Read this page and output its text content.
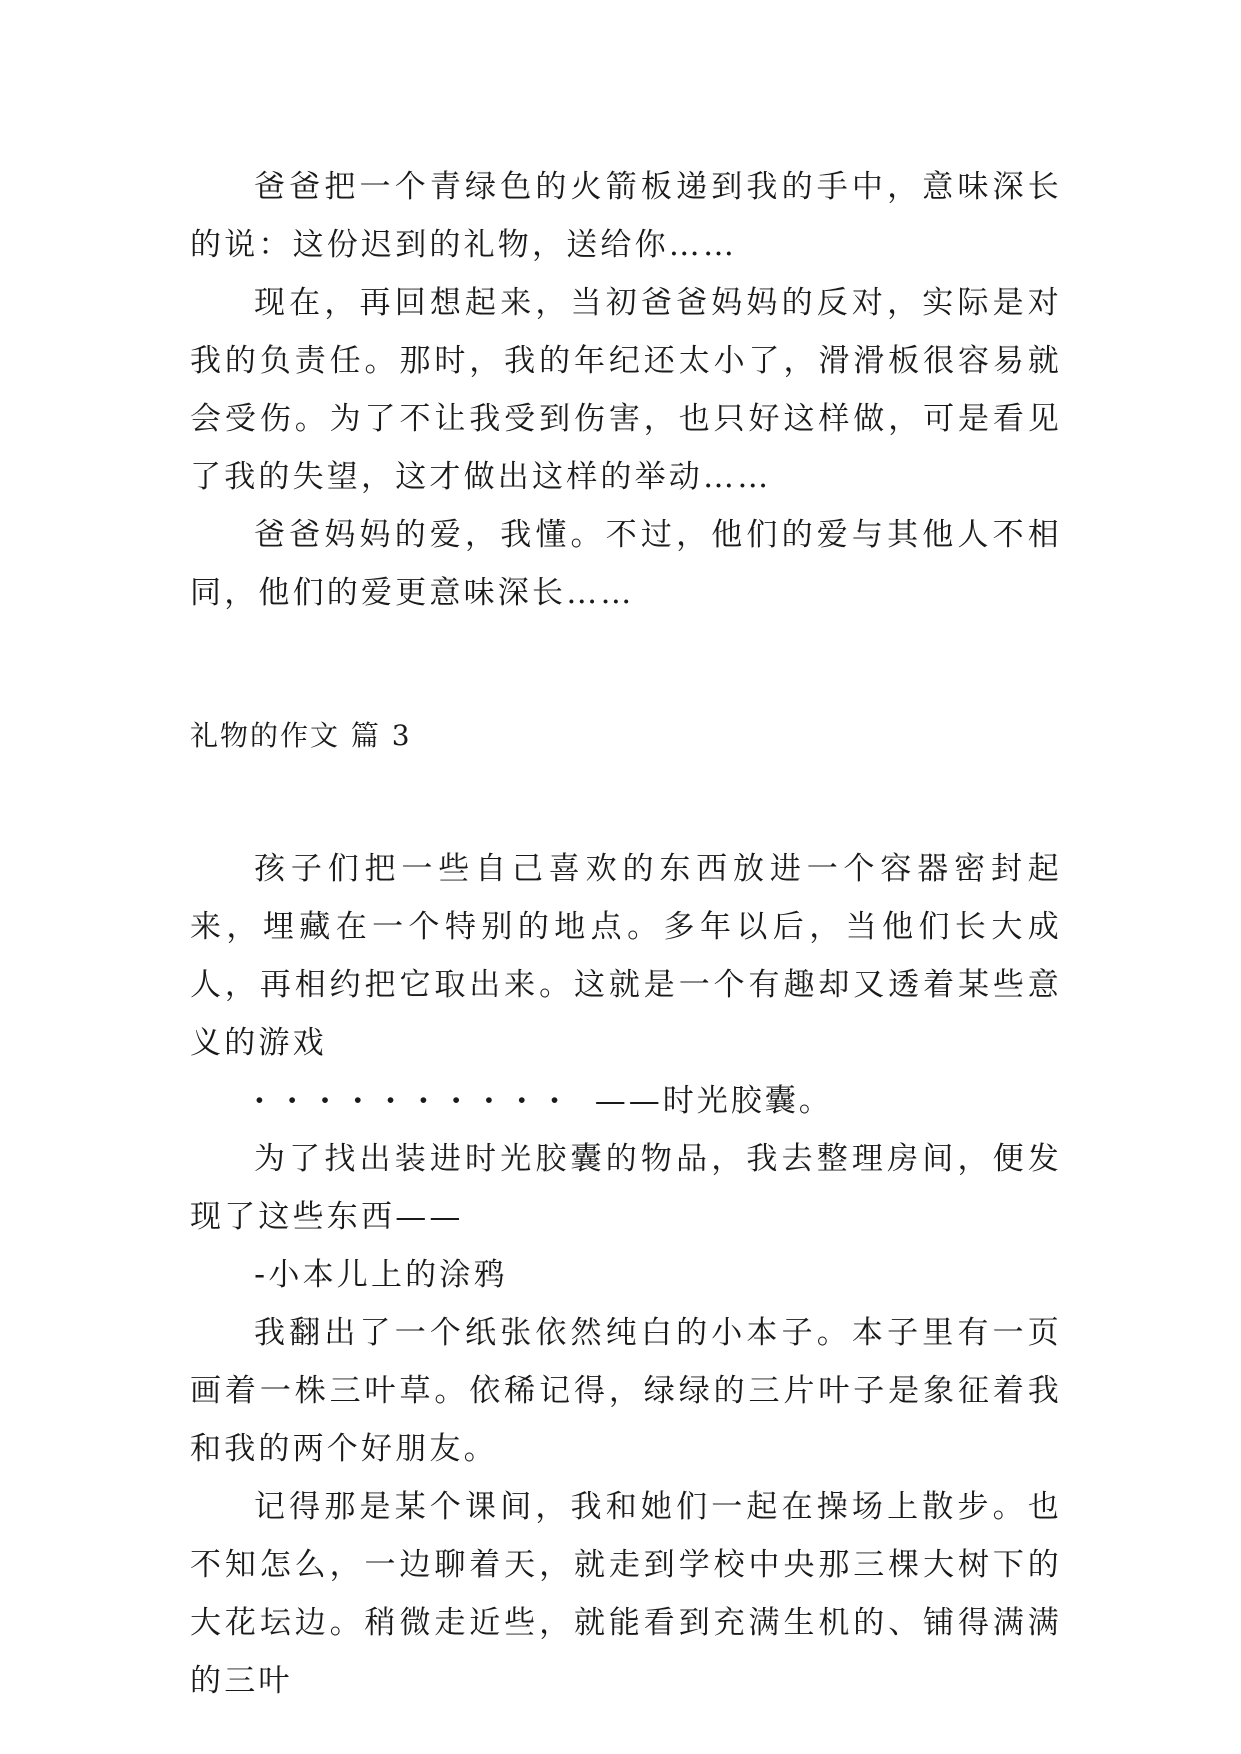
爸爸把一个青绿色的火箭板递到我的手中，意味深长的说：这份迟到的礼物，送给你……

现在，再回想起来，当初爸爸妈妈的反对，实际是对我的负责任。那时，我的年纪还太小了，滑滑板很容易就会受伤。为了不让我受到伤害，也只好这样做，可是看见了我的失望，这才做出这样的举动……

爸爸妈妈的爱，我懂。不过，他们的爱与其他人不相同，他们的爱更意味深长……

礼物的作文 篇 3

孩子们把一些自己喜欢的东西放进一个容器密封起来，埋藏在一个特别的地点。多年以后，当他们长大成人，再相约把它取出来。这就是一个有趣却又透着某些意义的游戏

·········· ——时光胶囊。

为了找出装进时光胶囊的物品，我去整理房间，便发现了这些东西——

-小本儿上的涂鸦

我翻出了一个纸张依然纯白的小本子。本子里有一页画着一株三叶草。依稀记得，绿绿的三片叶子是象征着我和我的两个好朋友。

记得那是某个课间，我和她们一起在操场上散步。也不知怎么，一边聊着天，就走到学校中央那三棵大树下的大花坛边。稍微走近些，就能看到充满生机的、铺得满满的三叶
